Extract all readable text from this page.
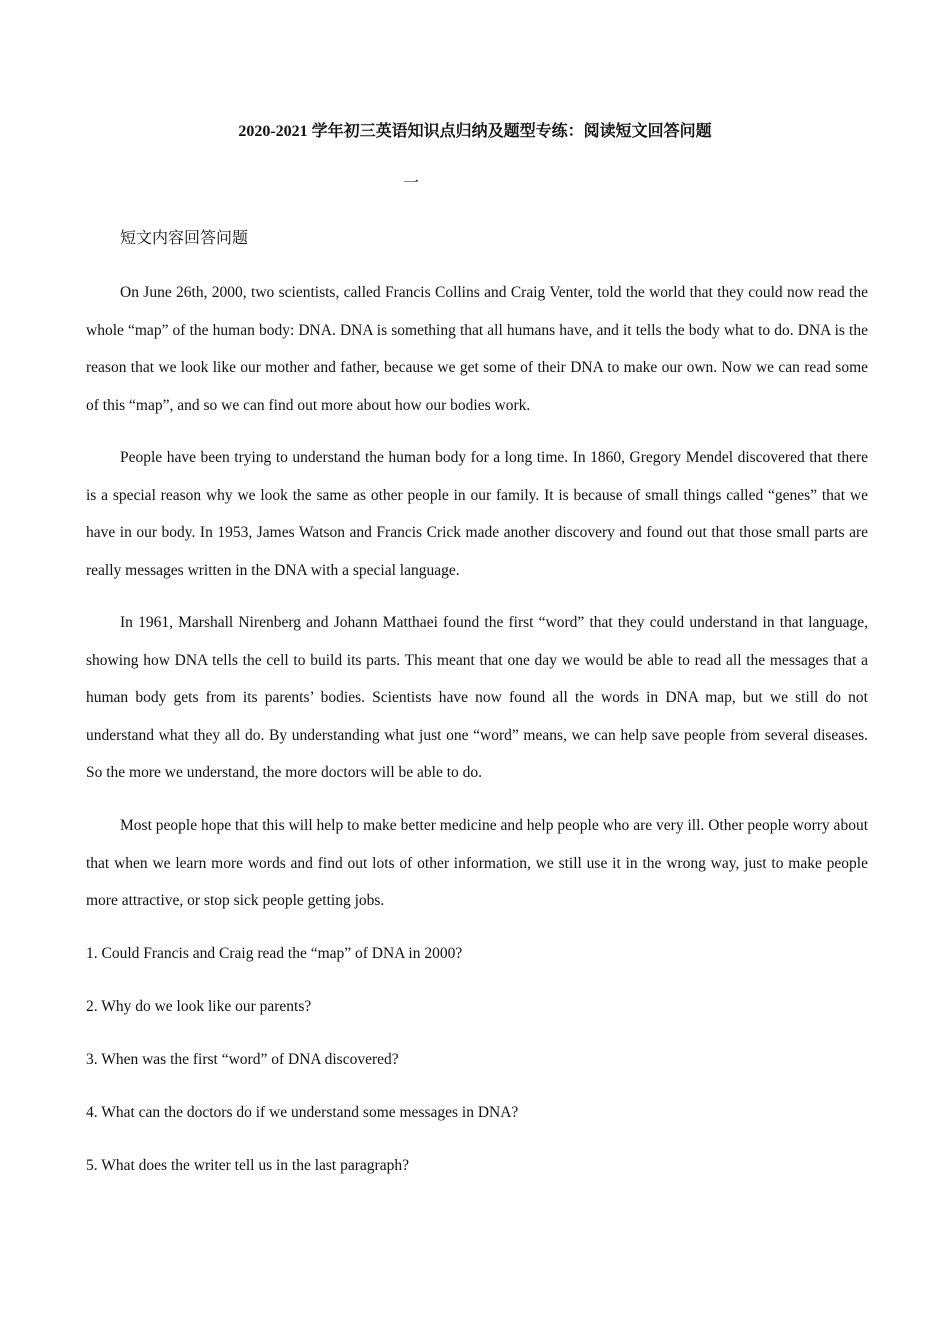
2020-2021 学年初三英语知识点归纳及题型专练：阅读短文回答问题
一
短文内容回答问题

On June 26th, 2000, two scientists, called Francis Collins and Craig Venter, told the world that they could now read the whole “map” of the human body: DNA. DNA is something that all humans have, and it tells the body what to do. DNA is the reason that we look like our mother and father, because we get some of their DNA to make our own. Now we can read some of this “map”, and so we can find out more about how our bodies work.

People have been trying to understand the human body for a long time. In 1860, Gregory Mendel discovered that there is a special reason why we look the same as other people in our family. It is because of small things called “genes” that we have in our body. In 1953, James Watson and Francis Crick made another discovery and found out that those small parts are really messages written in the DNA with a special language.

In 1961, Marshall Nirenberg and Johann Matthaei found the first “word” that they could understand in that language, showing how DNA tells the cell to build its parts. This meant that one day we would be able to read all the messages that a human body gets from its parents’ bodies. Scientists have now found all the words in DNA map, but we still do not understand what they all do. By understanding what just one “word” means, we can help save people from several diseases. So the more we understand, the more doctors will be able to do.

Most people hope that this will help to make better medicine and help people who are very ill. Other people worry about that when we learn more words and find out lots of other information, we still use it in the wrong way, just to make people more attractive, or stop sick people getting jobs.

1. Could Francis and Craig read the “map” of DNA in 2000?

2. Why do we look like our parents?

3. When was the first “word” of DNA discovered?

4. What can the doctors do if we understand some messages in DNA?

5. What does the writer tell us in the last paragraph?
